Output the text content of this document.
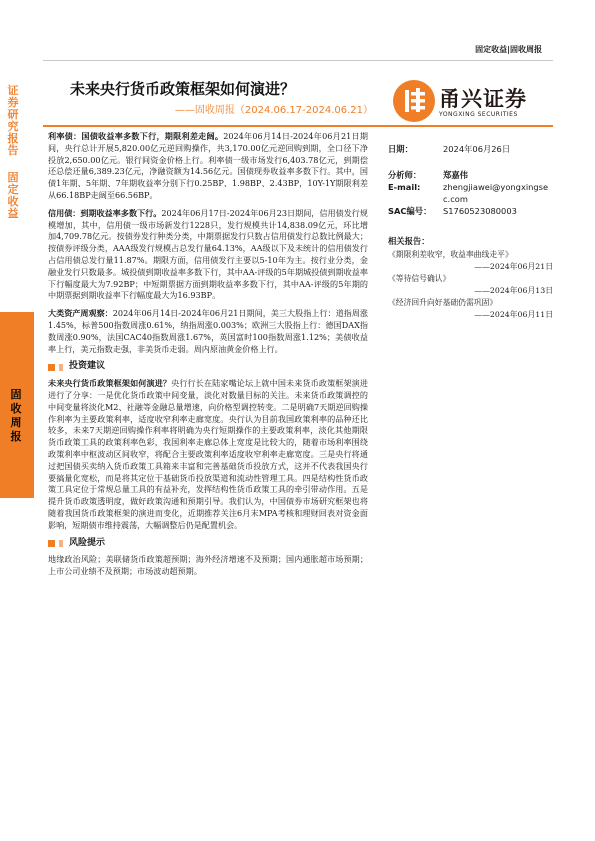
固定收益|固收周报
证券研究报告
固定收益
固收周报
未来央行货币政策框架如何演进？
——固收周报（2024.06.17-2024.06.21）	甬兴证券
YONGXING SECURITIES

利率债：国债收益率多数下行，期限利差走阔。2024年06月14日-2024年06月21日期间，央行总计开展5,820.00亿元逆回购操作，共3,170.00亿元逆回购到期，全口径下净投放2,650.00亿元。银行间资金价格上行。利率债一级市场发行6,403.78亿元，到期偿还总偿还量6,389.23亿元，净融资额为14.56亿元。国债现券收益率多数下行。其中，国债1年期、5年期、7年期收益率分别下行0.25BP、1.98BP、2.43BP，10Y-1Y期限利差从66.18BP走阔至66.56BP。

信用债：到期收益率多数下行。2024年06月17日-2024年06月23日期间，信用债发行规模增加，其中，信用债一级市场新发行1228只，发行规模共计14,838.09亿元，环比增加4,709.78亿元。按债券发行种类分类，中期票据发行只数占信用债发行总数比例最大；按债券评级分类，AAA级发行规模占总发行量64.13%，AA级以下及未统计的信用债发行占信用债总发行量11.87%。期限方面，信用债发行主要以5-10年为主。按行业分类，金融业发行只数最多。城投债到期收益率多数下行，其中AA-评级的5年期城投债到期收益率下行幅度最大为7.92BP；中短期票据方面到期收益率多数下行，其中AA-评级的5年期的中期票据到期收益率下行幅度最大为16.93BP。

大类资产周观察：2024年06月14日-2024年06月21日期间，美三大股指上行：道指周涨1.45%，标普500指数周涨0.61%，纳指周涨0.003%；欧洲三大股指上行：德国DAX指数周涨0.90%，法国CAC40指数周涨1.67%，英国富时100指数周涨1.12%；美债收益率上行，美元指数走强，非美货币走弱。周内原油黄金价格上行。

投资建议

未来央行货币政策框架如何演进？央行行长在陆家嘴论坛上就中国未来货币政策框架演进进行了分享：一是优化货币政策中间变量，淡化对数量目标的关注。未来货币政策调控的中间变量将淡化M2、社融等金融总量增速，向价格型调控转变。二是明确7天期逆回购操作利率为主要政策利率，适度收窄利率走廊宽度。央行认为目前我国政策利率的品种还比较多，未来7天期逆回购操作利率将明确为央行短期操作的主要政策利率，淡化其他期限货币政策工具的政策利率色彩，我国利率走廊总体上宽度是比较大的，随着市场利率围绕政策利率中枢波动区间收窄，将配合主要政策利率适度收窄利率走廊宽度。三是央行将通过把国债买卖纳入货币政策工具箱来丰富和完善基础货币投放方式，这并不代表我国央行要搞量化宽松，而是将其定位于基础货币投放渠道和流动性管理工具。四是结构性货币政策工具定位于常规总量工具的有益补充，发挥结构性货币政策工具的牵引带动作用。五是提升货币政策透明度，做好政策沟通和预期引导。我们认为，中国债券市场研究框架也将随着我国货币政策框架的演进而变化，近期推荐关注6月末MPA考核和理财回表对资金面影响，短期债市维持震荡，大幅调整后仍是配置机会。

风险提示

地缘政治风险；美联储货币政策超预期；海外经济增速不及预期；国内通胀超市场预期；上市公司业绩不及预期；市场波动超预期。

日期：	2024年06月26日
分析师：	郑嘉伟
E-mail:	zhengjiawei@yongxingsec.com
SAC编号：	S1760523080003
相关报告：
《期限利差收窄，收益率曲线走平》
——2024年06月21日
《等待信号确认》
——2024年06月13日
《经济回升向好基础仍需巩固》
——2024年06月11日
